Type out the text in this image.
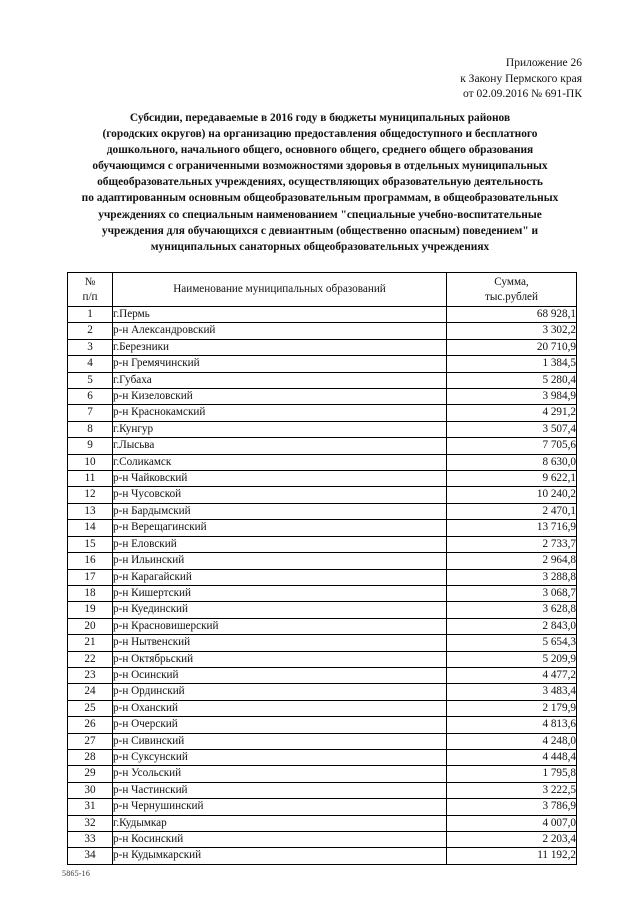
Приложение 26
к Закону Пермского края
от 02.09.2016 № 691-ПК
Субсидии, передаваемые в 2016 году в бюджеты муниципальных районов
(городских округов) на организацию предоставления общедоступного и бесплатного
дошкольного, начального общего, основного общего, среднего общего образования
обучающимся с ограниченными возможностями здоровья в отдельных муниципальных
общеобразовательных учреждениях, осуществляющих образовательную деятельность
по адаптированным основным общеобразовательным программам, в общеобразовательных
учреждениях со специальным наименованием "специальные учебно-воспитательные
учреждения для обучающихся с девиантным (общественно опасным) поведением" и
муниципальных санаторных общеобразовательных учреждениях
№
п/п	Наименование муниципальных образований	Сумма,
тыс.рублей

1	г.Пермь	68 928,1
2	р-н Александровский	3 302,2
3	г.Березники	20 710,9
4	р-н Гремячинский	1 384,5
5	г.Губаха	5 280,4
6	р-н Кизеловский	3 984,9
7	р-н Краснокамский	4 291,2
8	г.Кунгур	3 507,4
9	г.Лысьва	7 705,6
10	г.Соликамск	8 630,0
11	р-н Чайковский	9 622,1
12	р-н Чусовской	10 240,2
13	р-н Бардымский	2 470,1
14	р-н Верещагинский	13 716,9
15	р-н Еловский	2 733,7
16	р-н Ильинский	2 964,8
17	р-н Карагайский	3 288,8
18	р-н Кишертский	3 068,7
19	р-н Куединский	3 628,8
20	р-н Красновишерский	2 843,0
21	р-н Нытвенский	5 654,3
22	р-н Октябрьский	5 209,9
23	р-н Осинский	4 477,2
24	р-н Ординский	3 483,4
25	р-н Оханский	2 179,9
26	р-н Очерский	4 813,6
27	р-н Сивинский	4 248,0
28	р-н Суксунский	4 448,4
29	р-н Усольский	1 795,8
30	р-н Частинский	3 222,5
31	р-н Чернушинский	3 786,9
32	г.Кудымкар	4 007,0
33	р-н Косинский	2 203,4
34	р-н Кудымкарский	11 192,2
5865-16
